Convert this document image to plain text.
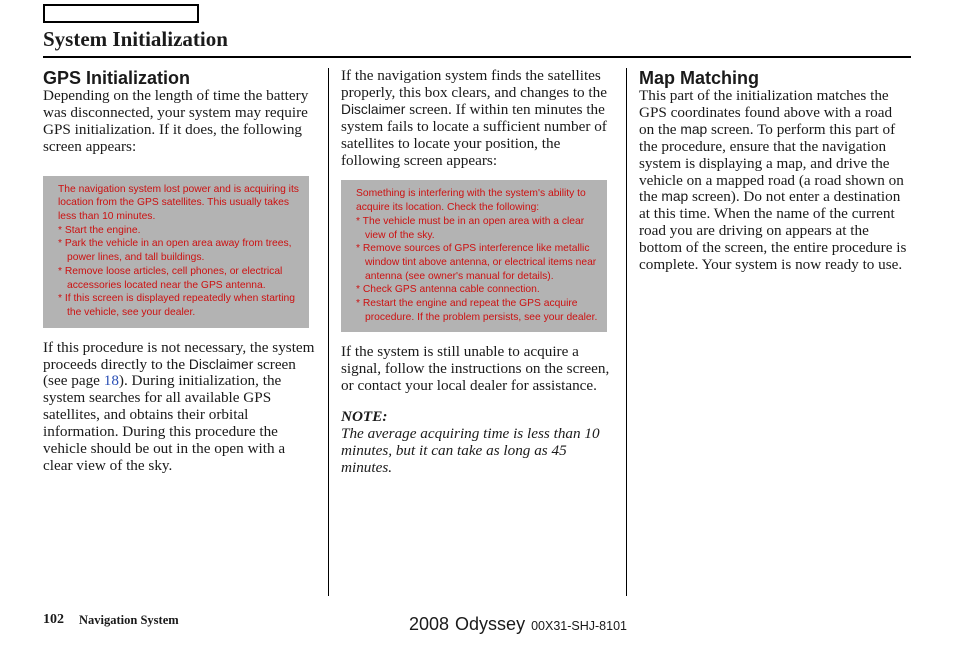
System Initialization
GPS Initialization

Depending on the length of time the battery was disconnected, your system may require GPS initialization. If it does, the following screen appears:

The navigation system lost power and is acquiring its location from the GPS satellites. This usually takes less than 10 minutes.
* Start the engine.
* Park the vehicle in an open area away from trees, power lines, and tall buildings.
* Remove loose articles, cell phones, or electrical accessories located near the GPS antenna.
* If this screen is displayed repeatedly when starting the vehicle, see your dealer.

If this procedure is not necessary, the system proceeds directly to the Disclaimer screen (see page 18). During initialization, the system searches for all available GPS satellites, and obtains their orbital information. During this procedure the vehicle should be out in the open with a clear view of the sky.

If the navigation system finds the satellites properly, this box clears, and changes to the Disclaimer screen. If within ten minutes the system fails to locate a sufficient number of satellites to locate your position, the following screen appears:

Something is interfering with the system's ability to acquire its location. Check the following:
* The vehicle must be in an open area with a clear view of the sky.
* Remove sources of GPS interference like metallic window tint above antenna, or electrical items near antenna (see owner's manual for details).
* Check GPS antenna cable connection.
* Restart the engine and repeat the GPS acquire procedure. If the problem persists, see your dealer.

If the system is still unable to acquire a signal, follow the instructions on the screen, or contact your local dealer for assistance.

NOTE:

The average acquiring time is less than 10 minutes, but it can take as long as 45 minutes.

Map Matching

This part of the initialization matches the GPS coordinates found above with a road on the map screen. To perform this part of the procedure, ensure that the navigation system is displaying a map, and drive the vehicle on a mapped road (a road shown on the map screen). Do not enter a destination at this time. When the name of the current road you are driving on appears at the bottom of the screen, the entire procedure is complete. Your system is now ready to use.

102 Navigation System	2008 Odyssey 00X31-SHJ-8101
